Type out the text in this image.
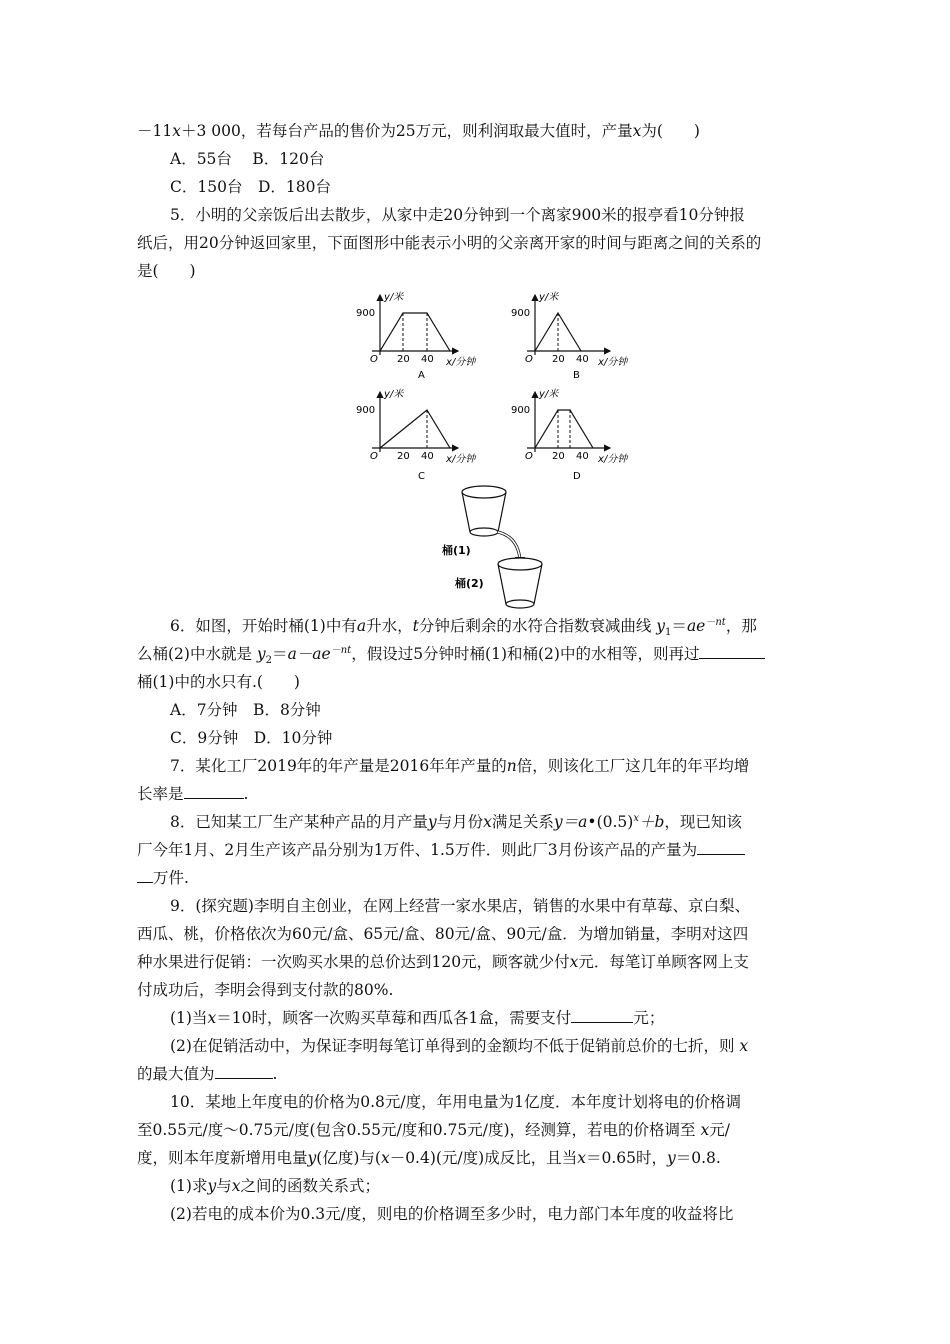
－11x＋3 000，若每台产品的售价为25万元，则利润取最大值时，产量x为(　　)
A．55台　 B．120台
C．150台　D．180台
5．小明的父亲饭后出去散步，从家中走20分钟到一个离家900米的报亭看10分钟报
纸后，用20分钟返回家里，下面图形中能表示小明的父亲离开家的时间与距离之间的关系的
是(　　)
y/米
900
O 20 40 x/分钟
A
y/米
900
O 20 40 x/分钟
B
y/米
900
O 20 40 x/分钟
C
y/米
900
O 20 40 x/分钟
D
桶(1)
桶(2)
6．如图，开始时桶(1)中有a升水，t分钟后剩余的水符合指数衰减曲线 $y_1=ae^{-nt}$，那
么桶(2)中水就是 $y_2=a-ae^{-nt}$，假设过5分钟时桶(1)和桶(2)中的水相等，则再过
桶(1)中的水只有.(　　)
A．7分钟　B．8分钟
C．9分钟　D．10分钟
7．某化工厂2019年的年产量是2016年年产量的n倍，则该化工厂这几年的年平均增
长率是	.
8．已知某工厂生产某种产品的月产量y与月份x满足关系$y=a•(0.5)^x+b$，现已知该
厂今年1月、2月生产该产品分别为1万件、1.5万件．则此厂3月份该产品的产量为
万件.
9．(探究题)李明自主创业，在网上经营一家水果店，销售的水果中有草莓、京白梨、
西瓜、桃，价格依次为60元/盒、65元/盒、80元/盒、90元/盒．为增加销量，李明对这四
种水果进行促销：一次购买水果的总价达到120元，顾客就少付x元．每笔订单顾客网上支
付成功后，李明会得到支付款的80%.
(1)当x＝10时，顾客一次购买草莓和西瓜各1盒，需要支付	元；
(2)在促销活动中，为保证李明每笔订单得到的金额均不低于促销前总价的七折，则 x
的最大值为	.
10．某地上年度电的价格为0.8元/度，年用电量为1亿度．本年度计划将电的价格调
至0.55元/度～0.75元/度(包含0.55元/度和0.75元/度)，经测算，若电的价格调至 x元/
度，则本年度新增用电量y(亿度)与(x－0.4)(元/度)成反比，且当x＝0.65时，y＝0.8.
(1)求y与x之间的函数关系式；
(2)若电的成本价为0.3元/度，则电的价格调至多少时，电力部门本年度的收益将比
